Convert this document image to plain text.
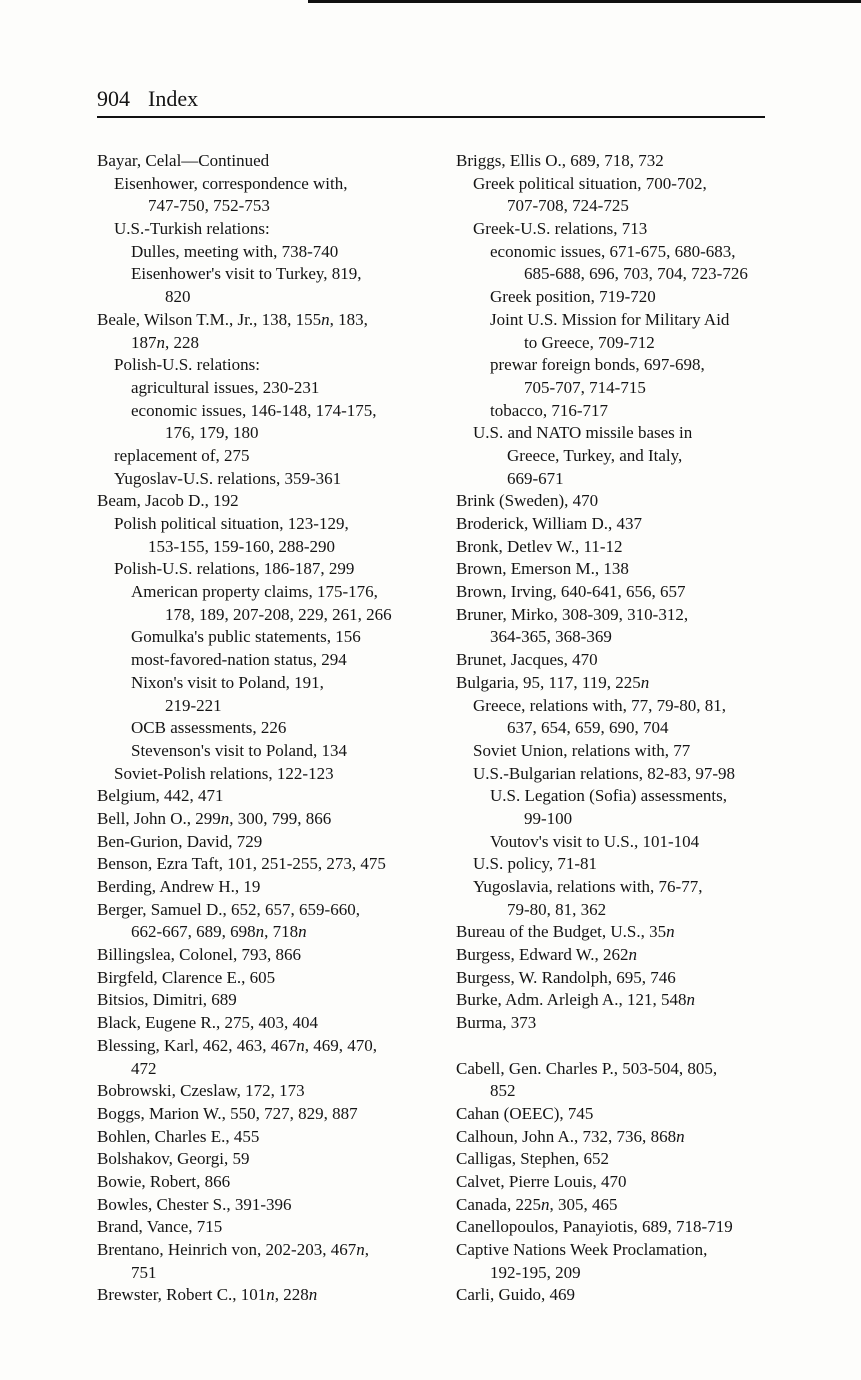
904 Index
Bayar, Celal—Continued
Eisenhower, correspondence with,
747-750, 752-753
U.S.-Turkish relations:
Dulles, meeting with, 738-740
Eisenhower's visit to Turkey, 819,
820
Beale, Wilson T.M., Jr., 138, 155n, 183,
187n, 228
Polish-U.S. relations:
agricultural issues, 230-231
economic issues, 146-148, 174-175,
176, 179, 180
replacement of, 275
Yugoslav-U.S. relations, 359-361
Beam, Jacob D., 192
Polish political situation, 123-129,
153-155, 159-160, 288-290
Polish-U.S. relations, 186-187, 299
American property claims, 175-176,
178, 189, 207-208, 229, 261, 266
Gomulka's public statements, 156
most-favored-nation status, 294
Nixon's visit to Poland, 191,
219-221
OCB assessments, 226
Stevenson's visit to Poland, 134
Soviet-Polish relations, 122-123
Belgium, 442, 471
Bell, John O., 299n, 300, 799, 866
Ben-Gurion, David, 729
Benson, Ezra Taft, 101, 251-255, 273, 475
Berding, Andrew H., 19
Berger, Samuel D., 652, 657, 659-660,
662-667, 689, 698n, 718n
Billingslea, Colonel, 793, 866
Birgfeld, Clarence E., 605
Bitsios, Dimitri, 689
Black, Eugene R., 275, 403, 404
Blessing, Karl, 462, 463, 467n, 469, 470,
472
Bobrowski, Czeslaw, 172, 173
Boggs, Marion W., 550, 727, 829, 887
Bohlen, Charles E., 455
Bolshakov, Georgi, 59
Bowie, Robert, 866
Bowles, Chester S., 391-396
Brand, Vance, 715
Brentano, Heinrich von, 202-203, 467n,
751
Brewster, Robert C., 101n, 228n
Briggs, Ellis O., 689, 718, 732
Greek political situation, 700-702,
707-708, 724-725
Greek-U.S. relations, 713
economic issues, 671-675, 680-683,
685-688, 696, 703, 704, 723-726
Greek position, 719-720
Joint U.S. Mission for Military Aid
to Greece, 709-712
prewar foreign bonds, 697-698,
705-707, 714-715
tobacco, 716-717
U.S. and NATO missile bases in
Greece, Turkey, and Italy,
669-671
Brink (Sweden), 470
Broderick, William D., 437
Bronk, Detlev W., 11-12
Brown, Emerson M., 138
Brown, Irving, 640-641, 656, 657
Bruner, Mirko, 308-309, 310-312,
364-365, 368-369
Brunet, Jacques, 470
Bulgaria, 95, 117, 119, 225n
Greece, relations with, 77, 79-80, 81,
637, 654, 659, 690, 704
Soviet Union, relations with, 77
U.S.-Bulgarian relations, 82-83, 97-98
U.S. Legation (Sofia) assessments,
99-100
Voutov's visit to U.S., 101-104
U.S. policy, 71-81
Yugoslavia, relations with, 76-77,
79-80, 81, 362
Bureau of the Budget, U.S., 35n
Burgess, Edward W., 262n
Burgess, W. Randolph, 695, 746
Burke, Adm. Arleigh A., 121, 548n
Burma, 373
Cabell, Gen. Charles P., 503-504, 805,
852
Cahan (OEEC), 745
Calhoun, John A., 732, 736, 868n
Calligas, Stephen, 652
Calvet, Pierre Louis, 470
Canada, 225n, 305, 465
Canellopoulos, Panayiotis, 689, 718-719
Captive Nations Week Proclamation,
192-195, 209
Carli, Guido, 469
